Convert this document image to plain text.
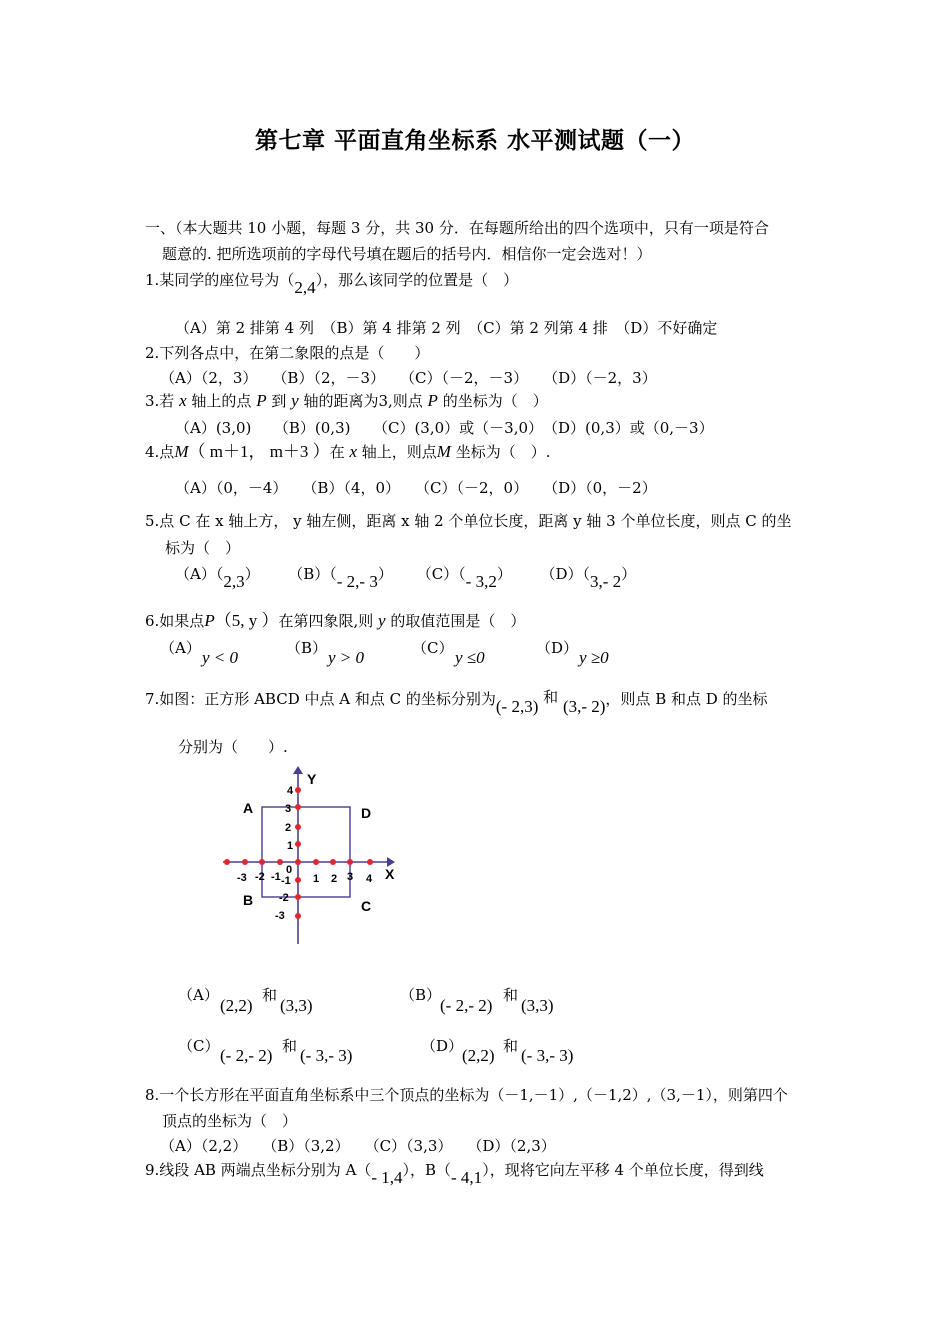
第七章 平面直角坐标系 水平测试题（一）
一、（本大题共 10 小题，每题 3 分，共 30 分．在每题所给出的四个选项中，只有一项是符合
题意的. 把所选项前的字母代号填在题后的括号内．相信你一定会选对！）
1.某同学的座位号为（2,4），那么该同学的位置是（　）
（A）第 2 排第 4 列　（B）第 4 排第 2 列　（C）第 2 列第 4 排　（D）不好确定
2.下列各点中，在第二象限的点是（　　）
（A）（2，3）　　（B）（2，－3）　　（C）（－2，－3）　　（D）（－2，3）
3.若 x 轴上的点 P 到 y 轴的距离为3,则点 P 的坐标为（　）
（A）(3,0)　　（B）(0,3)　　（C）(3,0）或（－3,0）　（D）(0,3）或（0,－3）
4.点M（ m＋1， m＋3 ）在 x 轴上，则点M 坐标为（　）.
（A）（0，－4）　　（B）（4，0）　　（C）（－2，0）　　（D）（0，－2）
5.点 C 在 x 轴上方， y 轴左侧，距离 x 轴 2 个单位长度，距离 y 轴 3 个单位长度，则点 C 的坐
标为（　）
（A）（2,3） （B）（- 2,- 3） （C）（- 3,2） （D）（3,- 2）
6.如果点P（5, y ）在第四象限,则 y 的取值范围是（　）
（A） y < 0	（B） y > 0	（C） y ≤0	（D） y ≥0
7.如图：正方形 ABCD 中点 A 和点 C 的坐标分别为(- 2,3) 和 (3,- 2)，则点 B 和点 D 的坐标
分别为（　　）.
Y
X
A	D
B	C
0
-3 -2 -1	1 2 3 4
4
3
2
1
-1
-2
-3
（A）
(2,2)
和
(3,3)
（B）
(- 2,- 2)
和
(3,3)
（C） (- 2,- 2) 和 (- 3,- 3)	（D）
(2,2) 和 (- 3,- 3)
8.一个长方形在平面直角坐标系中三个顶点的坐标为（－1,－1）,（－1,2）,（3,－1），则第四个
顶点的坐标为（　）
（A）（2,2）　　（B）（3,2）　　（C）（3,3）　　（D）（2,3）
9.线段 AB 两端点坐标分别为 A（- 1,4），B（- 4,1），现将它向左平移 4 个单位长度，得到线
